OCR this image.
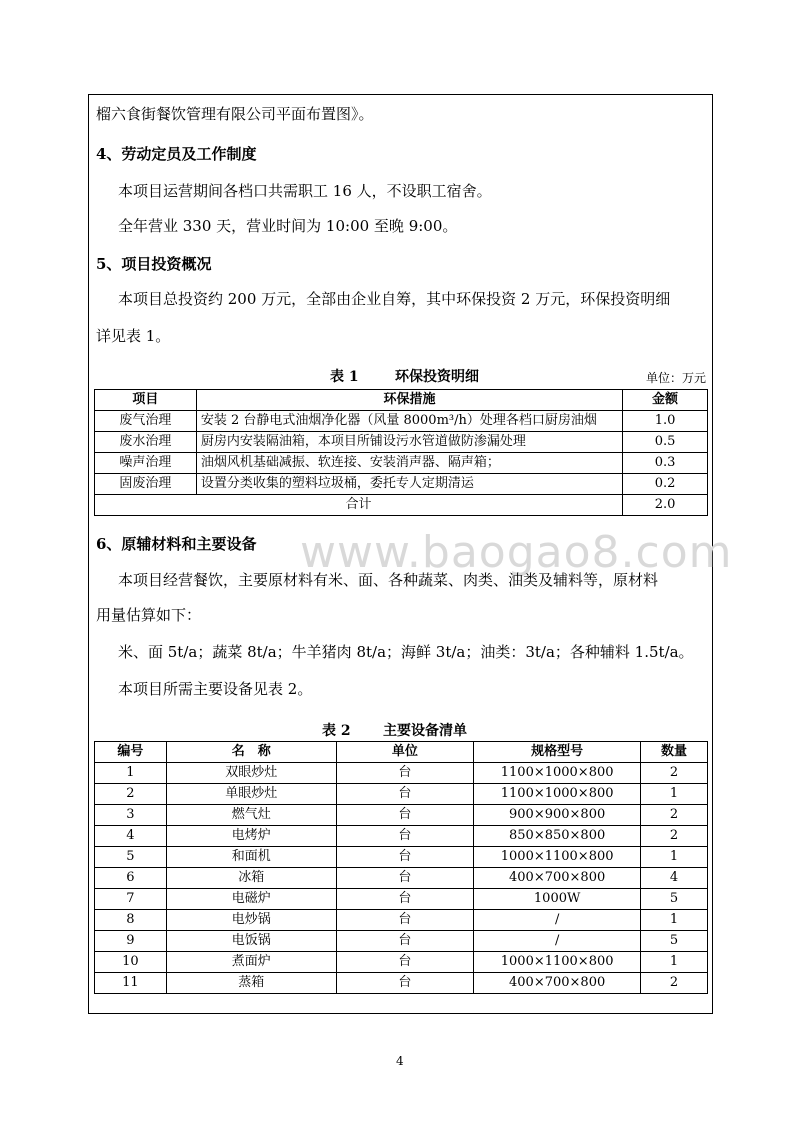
榴六食街餐饮管理有限公司平面布置图》。
4、劳动定员及工作制度
本项目运营期间各档口共需职工 16 人，不设职工宿舍。
全年营业 330 天，营业时间为 10:00 至晚 9:00。
5、项目投资概况
本项目总投资约 200 万元，全部由企业自筹，其中环保投资 2 万元，环保投资明细
详见表 1。
表 1	环保投资明细	单位：万元
项目	环保措施	金额
废气治理	安装 2 台静电式油烟净化器（风量 8000m³/h）处理各档口厨房油烟	1.0
废水治理	厨房内安装隔油箱，本项目所铺设污水管道做防渗漏处理	0.5
噪声治理	油烟风机基础减振、软连接、安装消声器、隔声箱；	0.3
固废治理	设置分类收集的塑料垃圾桶，委托专人定期清运	0.2
合计		2.0
6、原辅材料和主要设备 www.baogao8.com
本项目经营餐饮，主要原材料有米、面、各种蔬菜、肉类、油类及辅料等，原材料
用量估算如下：
米、面 5t/a；蔬菜 8t/a；牛羊猪肉 8t/a；海鲜 3t/a；油类：3t/a；各种辅料 1.5t/a。
本项目所需主要设备见表 2。
表 2 主要设备清单
编号	名　称	单位	规格型号	数量
1	双眼炒灶	台	1100×1000×800	2
2	单眼炒灶	台	1100×1000×800	1
3	燃气灶	台	900×900×800	2
4	电烤炉	台	850×850×800	2
5	和面机	台	1000×1100×800	1
6	冰箱	台	400×700×800	4
7	电磁炉	台	1000W	5
8	电炒锅	台	/	1
9	电饭锅	台	/	5
10	煮面炉	台	1000×1100×800	1
11	蒸箱	台	400×700×800	2
4
